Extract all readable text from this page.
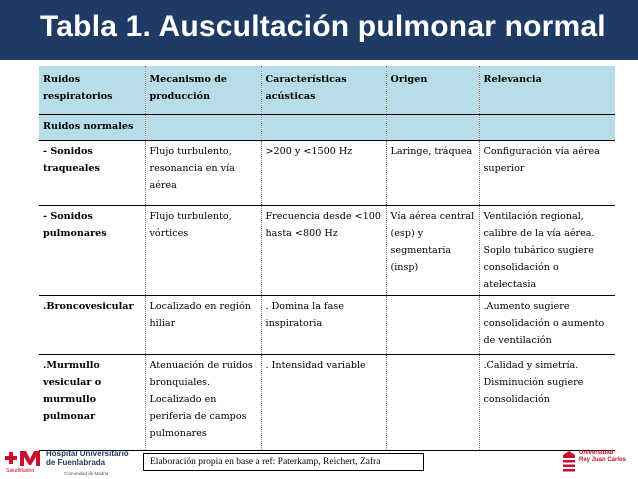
Tabla 1. Auscultación pulmonar normal
Ruidos respiratorios	Mecanismo de producción	Características acústicas	Origen	Relevancia
Ruidos normales				
- Sonidos traqueales	Flujo turbulento, resonancia en vía aérea	>200 y <1500 Hz	Laringe, tráquea	Configuración vía aérea superior
- Sonidos pulmonares	Flujo turbulento, vórtices	Frecuencia desde <100 hasta <800 Hz	Vía aérea central (esp) y segmentaria (insp)	Ventilación regional, calibre de la vía aérea. Soplo tubárico sugiere consolidación o atelectasia
.Broncovesicular	Localizado en región hiliar	. Domina la fase inspiratoria		.Aumento sugiere consolidación o aumento de ventilación
.Murmullo vesicular o murmullo pulmonar	Atenuación de ruidos bronquiales. Localizado en periferia de campos pulmonares	. Intensidad variable		.Calidad y simetría. Disminución sugiere consolidación
Hospital Universitario
de Fuenlabrada
SaludMadrid	Comunidad de Madrid
Elaboración propia en base a ref: Paterkamp, Reichert, Zafra
Universidad
Rey Juan Carlos
